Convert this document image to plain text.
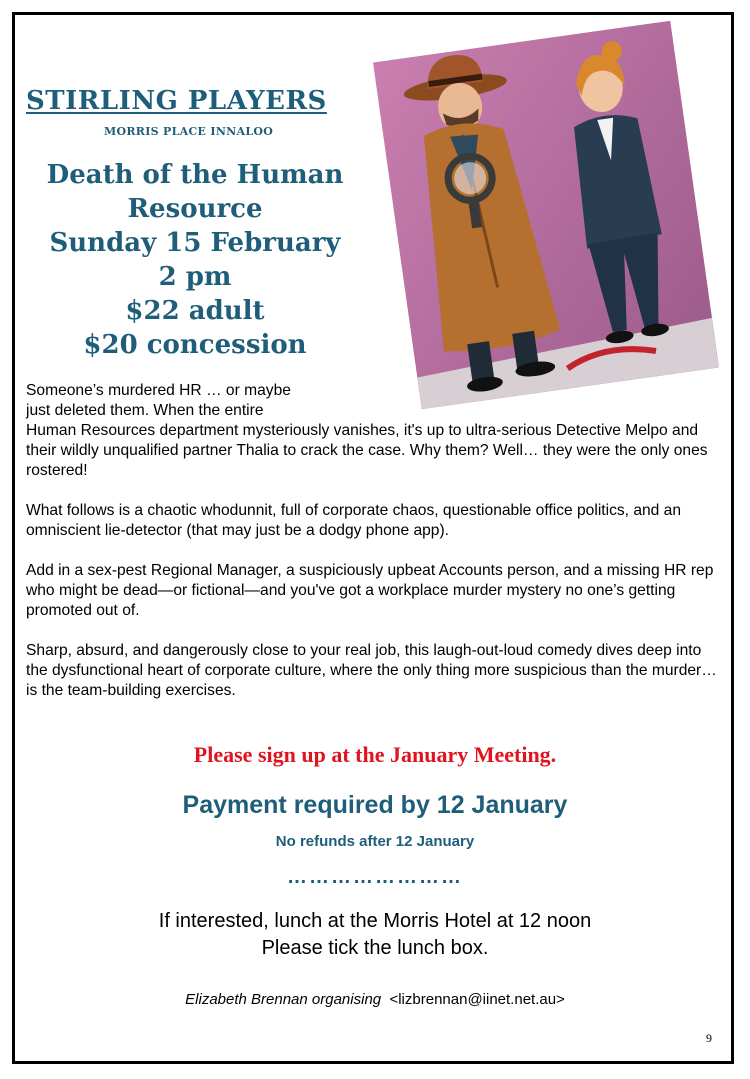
STIRLING PLAYERS
MORRIS PLACE INNALOO
Death of the Human
Resource
Sunday 15 February
2 pm
$22 adult
$20 concession

Someone’s murdered HR … or maybe
just deleted them. When the entire
Human Resources department mysteriously vanishes, it's up to ultra-serious Detective Melpo and their wildly unqualified partner Thalia to crack the case. Why them? Well… they were the only ones rostered!

What follows is a chaotic whodunnit, full of corporate chaos, questionable office politics, and an omniscient lie-detector (that may just be a dodgy phone app).

Add in a sex-pest Regional Manager, a suspiciously upbeat Accounts person, and a missing HR rep who might be dead—or fictional—and you've got a workplace murder mystery no one’s getting promoted out of.

Sharp, absurd, and dangerously close to your real job, this laugh-out-loud comedy dives deep into the dysfunctional heart of corporate culture, where the only thing more suspicious than the murder… is the team-building exercises.

Please sign up at the January Meeting.
Payment required by 12 January
No refunds after 12 January
……………………
If interested, lunch at the Morris Hotel at 12 noon
Please tick the lunch box.
Elizabeth Brennan organising <lizbrennan@iinet.net.au>
9
